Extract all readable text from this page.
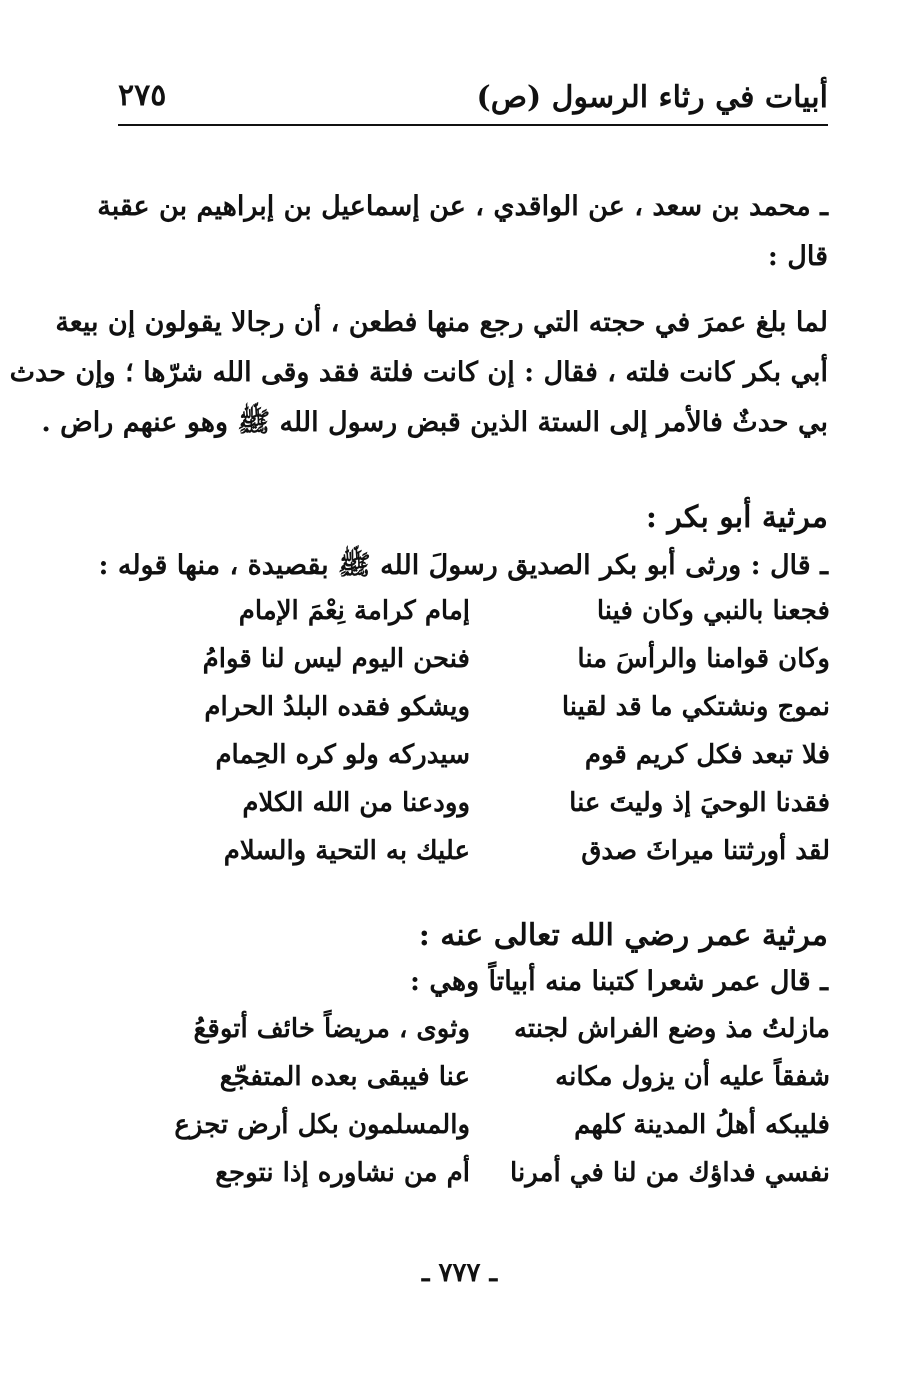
أبيات في رثاء الرسول (ص)
٢٧٥
ـ محمد بن سعد ، عن الواقدي ، عن إسماعيل بن إبراهيم بن عقبة
قال :
لما بلغ عمرَ في حجته التي رجع منها فطعن ، أن رجالا يقولون إن بيعة
أبي بكر كانت فلته ، فقال : إن كانت فلتة فقد وقى الله شرّها ؛ وإن حدث
بي حدثٌ فالأمر إلى الستة الذين قبض رسول الله ﷺ وهو عنهم راض .
مرثية أبو بكر :
ـ قال : ورثى أبو بكر الصديق رسولَ الله ﷺ بقصيدة ، منها قوله :
فجعنا بالنبي وكان فينا
إمام كرامة نِعْمَ الإمام
وكان قوامنا والرأسَ منا
فنحن اليوم ليس لنا قوامُ
نموج ونشتكي ما قد لقينا
ويشكو فقده البلدُ الحرام
فلا تبعد فكل كريم قوم
سيدركه ولو كره الحِمام
فقدنا الوحيَ إذ وليتَ عنا
وودعنا من الله الكلام
لقد أورثتنا ميراثَ صدق
عليك به التحية والسلام
مرثية عمر رضي الله تعالى عنه :
ـ قال عمر شعرا كتبنا منه أبياتاً وهي :
مازلتُ مذ وضع الفراش لجنته
وثوى ، مريضاً خائف أتوقعُ
شفقاً عليه أن يزول مكانه
عنا فيبقى بعده المتفجّع
فليبكه أهلُ المدينة كلهم
والمسلمون بكل أرض تجزع
نفسي فداؤك من لنا في أمرنا
أم من نشاوره إذا نتوجع
ـ ٧٧٧ ـ
